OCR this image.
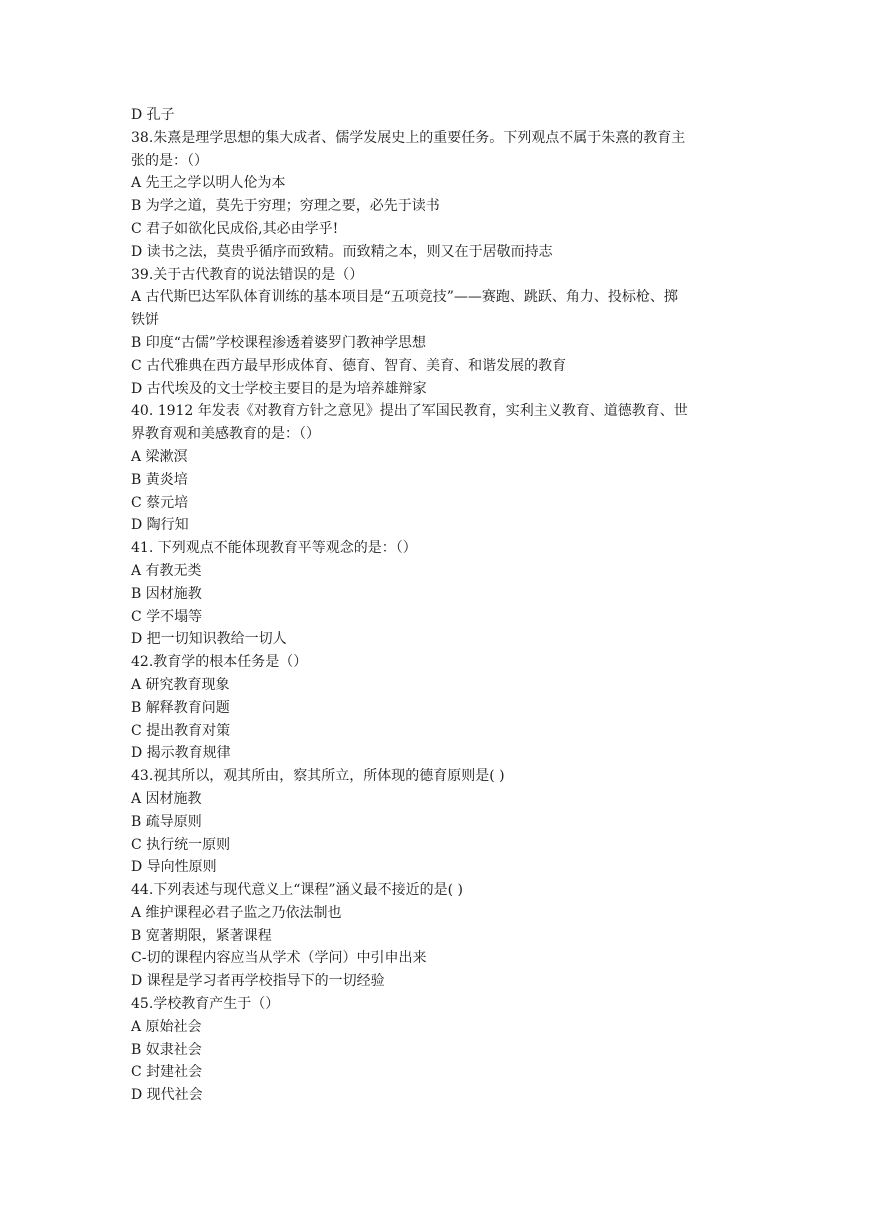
D 孔子

38.朱熹是理学思想的集大成者、儒学发展史上的重要任务。下列观点不属于朱熹的教育主

张的是：（）

A 先王之学以明人伦为本

B 为学之道，莫先于穷理；穷理之要，必先于读书

C 君子如欲化民成俗,其必由学乎!

D 读书之法，莫贵乎循序而致精。而致精之本，则又在于居敬而持志

39.关于古代教育的说法错误的是（）

A 古代斯巴达军队体育训练的基本项目是“五项竞技”——赛跑、跳跃、角力、投标枪、掷

铁饼

B 印度“古儒”学校课程渗透着婆罗门教神学思想

C 古代雅典在西方最早形成体育、德育、智育、美育、和谐发展的教育

D 古代埃及的文士学校主要目的是为培养雄辩家

40. 1912 年发表《对教育方针之意见》提出了军国民教育，实利主义教育、道德教育、世

界教育观和美感教育的是：（）

A 梁漱溟

B 黄炎培

C 蔡元培

D 陶行知

41. 下列观点不能体现教育平等观念的是：（）

A 有教无类

B 因材施教

C 学不塌等

D 把一切知识教给一切人

42.教育学的根本任务是（）

A 研究教育现象

B 解释教育问题

C 提出教育对策

D 揭示教育规律

43.视其所以，观其所由，察其所立，所体现的德育原则是( )

A 因材施教

B 疏导原则

C 执行统一原则

D 导向性原则

44.下列表述与现代意义上“课程”涵义最不接近的是( )

A 维护课程必君子监之乃依法制也

B 宽著期限，紧著课程

C-切的课程内容应当从学术（学问）中引申出来

D 课程是学习者再学校指导下的一切经验

45.学校教育产生于（）

A 原始社会

B 奴隶社会

C 封建社会

D 现代社会
